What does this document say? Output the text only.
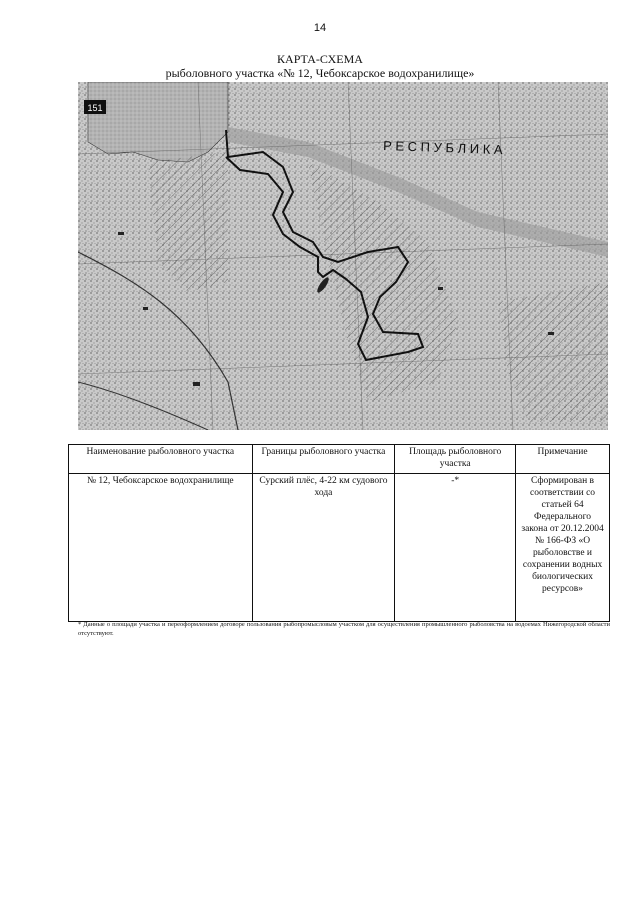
14
КАРТА-СХЕМА
рыболовного участка «№ 12, Чебоксарское водохранилище»
151
Р Е С П У Б Л И К А
Наименование рыболовного участка	Границы рыболовного участка	Площадь рыболовного участка	Примечание
№ 12, Чебоксарское водохранилище	Сурский плёс, 4-22 км судового хода	-*	Сформирован в соответствии со статьей 64 Федерального закона от 20.12.2004 № 166-ФЗ «О рыболовстве и сохранении водных биологических ресурсов»
* Данные о площади участка и переоформлением договоре пользования рыбопромысловым участком для осуществления промышленного рыболовства на водоемах Нижегородской области отсутствуют.
